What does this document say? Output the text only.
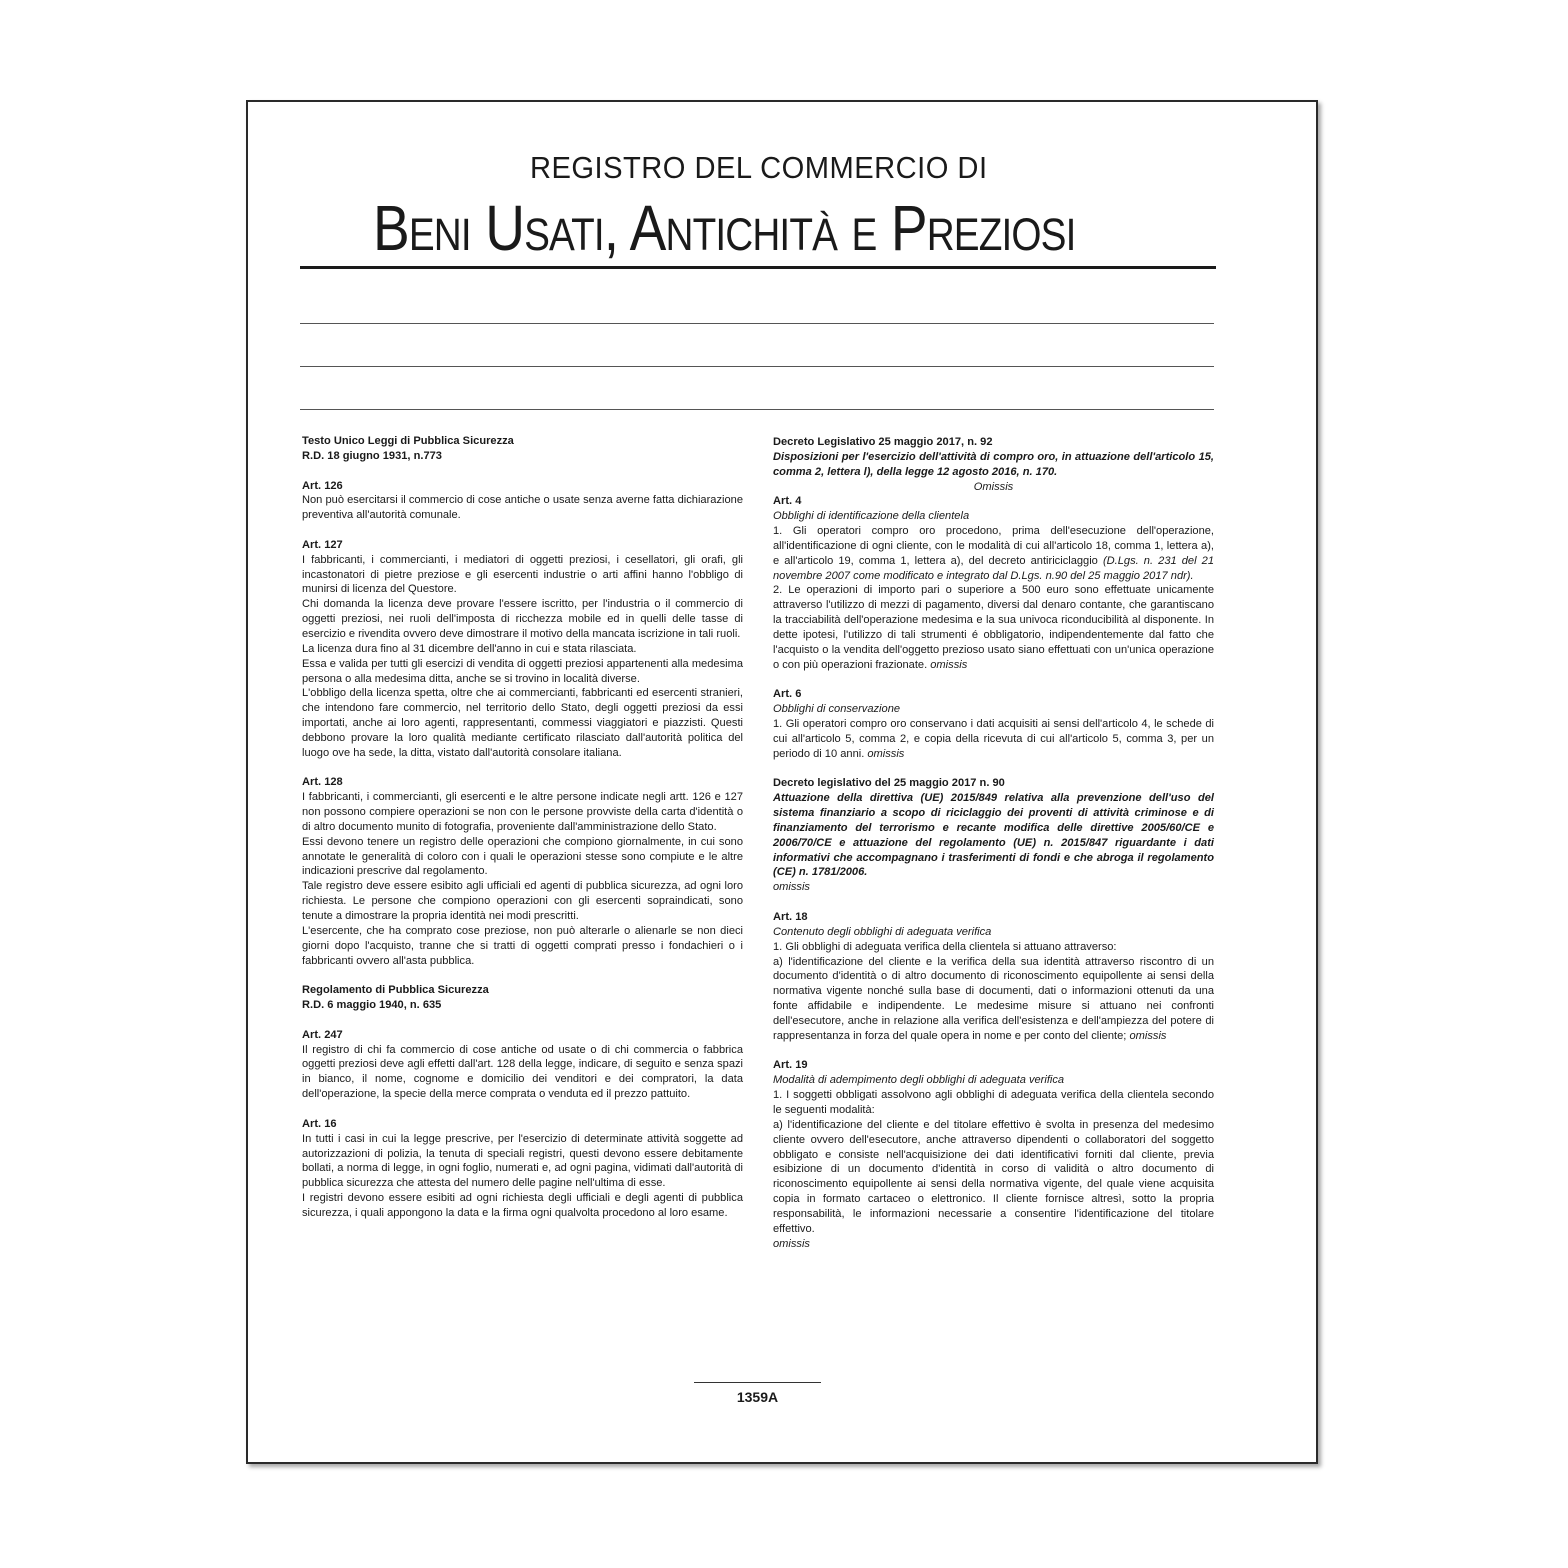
REGISTRO DEL COMMERCIO DI
Beni Usati, Antichità e Preziosi

Testo Unico Leggi di Pubblica Sicurezza

R.D. 18 giugno 1931, n.773

Art. 126

Non può esercitarsi il commercio di cose antiche o usate senza averne fatta dichiarazione preventiva all'autorità comunale.

Art. 127

I fabbricanti, i commercianti, i mediatori di oggetti preziosi, i cesellatori, gli orafi, gli incastonatori di pietre preziose e gli esercenti industrie o arti affini hanno l'obbligo di munirsi di licenza del Questore.

Chi domanda la licenza deve provare l'essere iscritto, per l'industria o il commercio di oggetti preziosi, nei ruoli dell'imposta di ricchezza mobile ed in quelli delle tasse di esercizio e rivendita ovvero deve dimostrare il motivo della mancata iscrizione in tali ruoli.

La licenza dura fino al 31 dicembre dell'anno in cui e stata rilasciata.

Essa e valida per tutti gli esercizi di vendita di oggetti preziosi appartenenti alla medesima persona o alla medesima ditta, anche se si trovino in località diverse.

L'obbligo della licenza spetta, oltre che ai commercianti, fabbricanti ed esercenti stranieri, che intendono fare commercio, nel territorio dello Stato, degli oggetti preziosi da essi importati, anche ai loro agenti, rappresentanti, commessi viaggiatori e piazzisti. Questi debbono provare la loro qualità mediante certificato rilasciato dall'autorità politica del luogo ove ha sede, la ditta, vistato dall'autorità consolare italiana.

Art. 128

I fabbricanti, i commercianti, gli esercenti e le altre persone indicate negli artt. 126 e 127 non possono compiere operazioni se non con le persone provviste della carta d'identità o di altro documento munito di fotografia, proveniente dall'amministrazione dello Stato.

Essi devono tenere un registro delle operazioni che compiono giornalmente, in cui sono annotate le generalità di coloro con i quali le operazioni stesse sono compiute e le altre indicazioni prescrive dal regolamento.

Tale registro deve essere esibito agli ufficiali ed agenti di pubblica sicurezza, ad ogni loro richiesta. Le persone che compiono operazioni con gli esercenti sopraindicati, sono tenute a dimostrare la propria identità nei modi prescritti.

L'esercente, che ha comprato cose preziose, non può alterarle o alienarle se non dieci giorni dopo l'acquisto, tranne che si tratti di oggetti comprati presso i fondachieri o i fabbricanti ovvero all'asta pubblica.

Regolamento di Pubblica Sicurezza

R.D. 6 maggio 1940, n. 635

Art. 247

Il registro di chi fa commercio di cose antiche od usate o di chi commercia o fabbrica oggetti preziosi deve agli effetti dall'art. 128 della legge, indicare, di seguito e senza spazi in bianco, il nome, cognome e domicilio dei venditori e dei compratori, la data dell'operazione, la specie della merce comprata o venduta ed il prezzo pattuito.

Art. 16

In tutti i casi in cui la legge prescrive, per l'esercizio di determinate attività soggette ad autorizzazioni di polizia, la tenuta di speciali registri, questi devono essere debitamente bollati, a norma di legge, in ogni foglio, numerati e, ad ogni pagina, vidimati dall'autorità di pubblica sicurezza che attesta del numero delle pagine nell'ultima di esse.

I registri devono essere esibiti ad ogni richiesta degli ufficiali e degli agenti di pubblica sicurezza, i quali appongono la data e la firma ogni qualvolta procedono al loro esame.

Decreto Legislativo 25 maggio 2017, n. 92

Disposizioni per l'esercizio dell'attività di compro oro, in attuazione dell'articolo 15, comma 2, lettera l), della legge 12 agosto 2016, n. 170.

Omissis

Art. 4

Obblighi di identificazione della clientela

1. Gli operatori compro oro procedono, prima dell'esecuzione dell'operazione, all'identificazione di ogni cliente, con le modalità di cui all'articolo 18, comma 1, lettera a), e all'articolo 19, comma 1, lettera a), del decreto antiriciclaggio (D.Lgs. n. 231 del 21 novembre 2007 come modificato e integrato dal D.Lgs. n.90 del 25 maggio 2017 ndr).

2. Le operazioni di importo pari o superiore a 500 euro sono effettuate unicamente attraverso l'utilizzo di mezzi di pagamento, diversi dal denaro contante, che garantiscano la tracciabilità dell'operazione medesima e la sua univoca riconducibilità al disponente. In dette ipotesi, l'utilizzo di tali strumenti é obbligatorio, indipendentemente dal fatto che l'acquisto o la vendita dell'oggetto prezioso usato siano effettuati con un'unica operazione o con più operazioni frazionate. omissis

Art. 6

Obblighi di conservazione

1. Gli operatori compro oro conservano i dati acquisiti ai sensi dell'articolo 4, le schede di cui all'articolo 5, comma 2, e copia della ricevuta di cui all'articolo 5, comma 3, per un periodo di 10 anni. omissis

Decreto legislativo del 25 maggio 2017 n. 90

Attuazione della direttiva (UE) 2015/849 relativa alla prevenzione dell'uso del sistema finanziario a scopo di riciclaggio dei proventi di attività criminose e di finanziamento del terrorismo e recante modifica delle direttive 2005/60/CE e 2006/70/CE e attuazione del regolamento (UE) n. 2015/847 riguardante i dati informativi che accompagnano i trasferimenti di fondi e che abroga il regolamento (CE) n. 1781/2006.

omissis

Art. 18

Contenuto degli obblighi di adeguata verifica

1. Gli obblighi di adeguata verifica della clientela si attuano attraverso:

a) l'identificazione del cliente e la verifica della sua identità attraverso riscontro di un documento d'identità o di altro documento di riconoscimento equipollente ai sensi della normativa vigente nonché sulla base di documenti, dati o informazioni ottenuti da una fonte affidabile e indipendente. Le medesime misure si attuano nei confronti dell'esecutore, anche in relazione alla verifica dell'esistenza e dell'ampiezza del potere di rappresentanza in forza del quale opera in nome e per conto del cliente; omissis

Art. 19

Modalità di adempimento degli obblighi di adeguata verifica

1. I soggetti obbligati assolvono agli obblighi di adeguata verifica della clientela secondo le seguenti modalità:

a) l'identificazione del cliente e del titolare effettivo è svolta in presenza del medesimo cliente ovvero dell'esecutore, anche attraverso dipendenti o collaboratori del soggetto obbligato e consiste nell'acquisizione dei dati identificativi forniti dal cliente, previa esibizione di un documento d'identità in corso di validità o altro documento di riconoscimento equipollente ai sensi della normativa vigente, del quale viene acquisita copia in formato cartaceo o elettronico. Il cliente fornisce altresì, sotto la propria responsabilità, le informazioni necessarie a consentire l'identificazione del titolare effettivo.

omissis

1359A
